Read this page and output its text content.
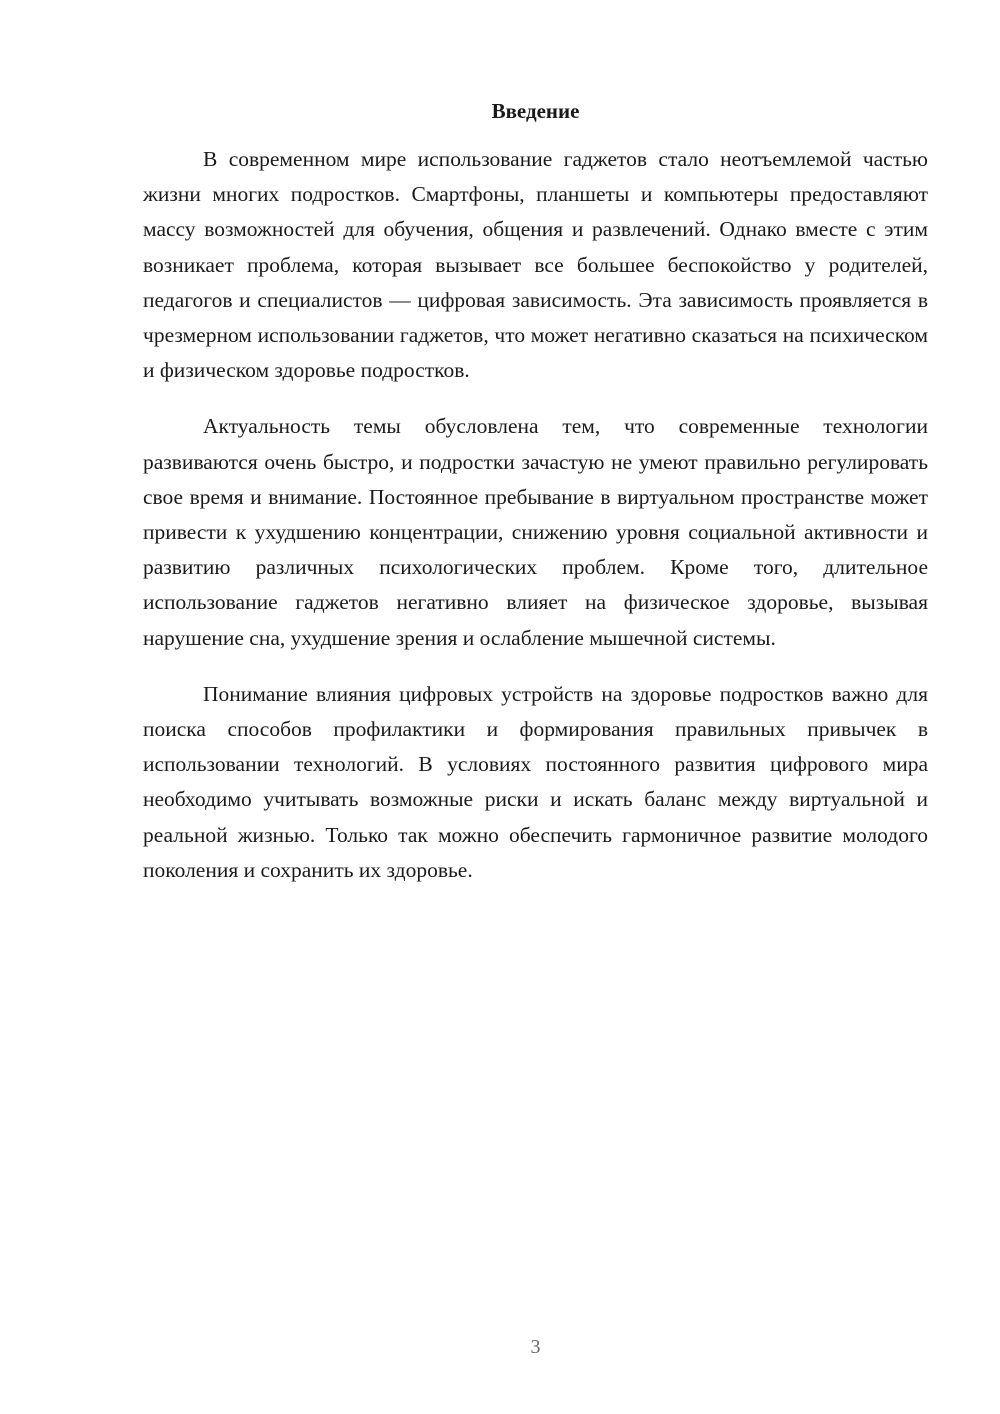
Введение

В современном мире использование гаджетов стало неотъемлемой частью жизни многих подростков. Смартфоны, планшеты и компьютеры предоставляют массу возможностей для обучения, общения и развлечений. Однако вместе с этим возникает проблема, которая вызывает все большее беспокойство у родителей, педагогов и специалистов — цифровая зависимость. Эта зависимость проявляется в чрезмерном использовании гаджетов, что может негативно сказаться на психическом и физическом здоровье подростков.

Актуальность темы обусловлена тем, что современные технологии развиваются очень быстро, и подростки зачастую не умеют правильно регулировать свое время и внимание. Постоянное пребывание в виртуальном пространстве может привести к ухудшению концентрации, снижению уровня социальной активности и развитию различных психологических проблем. Кроме того, длительное использование гаджетов негативно влияет на физическое здоровье, вызывая нарушение сна, ухудшение зрения и ослабление мышечной системы.

Понимание влияния цифровых устройств на здоровье подростков важно для поиска способов профилактики и формирования правильных привычек в использовании технологий. В условиях постоянного развития цифрового мира необходимо учитывать возможные риски и искать баланс между виртуальной и реальной жизнью. Только так можно обеспечить гармоничное развитие молодого поколения и сохранить их здоровье.

3
